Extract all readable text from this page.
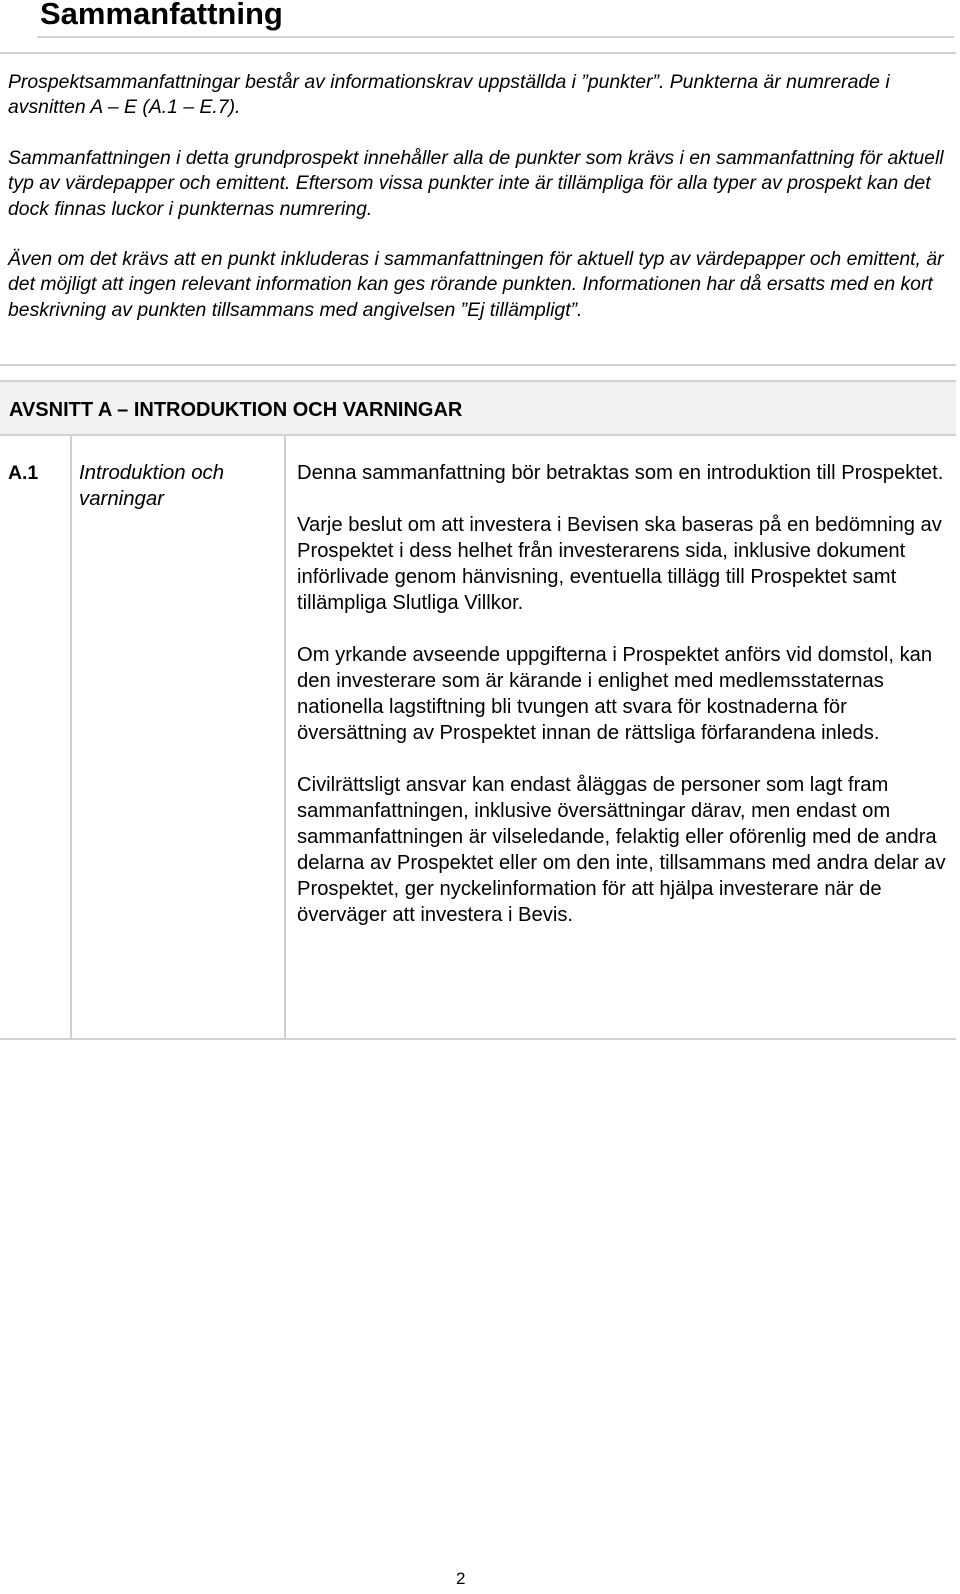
Sammanfattning

Prospektsammanfattningar består av informationskrav uppställda i ”punkter”. Punkterna är numrerade i avsnitten A – E (A.1 – E.7).

Sammanfattningen i detta grundprospekt innehåller alla de punkter som krävs i en sammanfattning för aktuell typ av värdepapper och emittent. Eftersom vissa punkter inte är tillämpliga för alla typer av prospekt kan det dock finnas luckor i punkternas numrering.

Även om det krävs att en punkt inkluderas i sammanfattningen för aktuell typ av värdepapper och emittent, är det möjligt att ingen relevant information kan ges rörande punkten. Informationen har då ersatts med en kort beskrivning av punkten tillsammans med angivelsen ”Ej tillämpligt”.

AVSNITT A – INTRODUKTION OCH VARNINGAR
A.1 Introduktion och varningar

Denna sammanfattning bör betraktas som en introduktion till Prospektet.

Varje beslut om att investera i Bevisen ska baseras på en bedömning av Prospektet i dess helhet från investerarens sida, inklusive dokument införlivade genom hänvisning, eventuella tillägg till Prospektet samt tillämpliga Slutliga Villkor.

Om yrkande avseende uppgifterna i Prospektet anförs vid domstol, kan den investerare som är kärande i enlighet med medlemsstaternas nationella lagstiftning bli tvungen att svara för kostnaderna för översättning av Prospektet innan de rättsliga förfarandena inleds.

Civilrättsligt ansvar kan endast åläggas de personer som lagt fram sammanfattningen, inklusive översättningar därav, men endast om sammanfattningen är vilseledande, felaktig eller oförenlig med de andra delarna av Prospektet eller om den inte, tillsammans med andra delar av Prospektet, ger nyckelinformation för att hjälpa investerare när de överväger att investera i Bevis.

2
